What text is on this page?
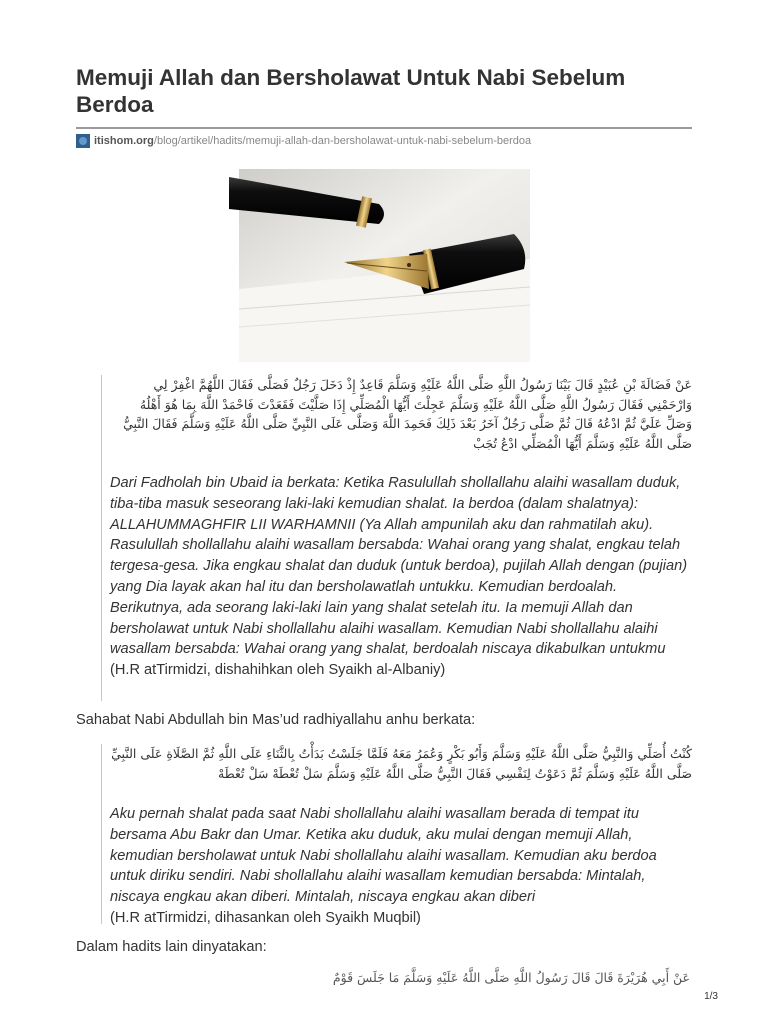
Memuji Allah dan Bersholawat Untuk Nabi Sebelum Berdoa
itishom.org /blog/artikel/hadits/memuji-allah-dan-bersholawat-untuk-nabi-sebelum-berdoa

عَنْ فَضَالَةَ بْنِ عُبَيْدٍ قَالَ بَيْنَا رَسُولُ اللَّهِ صَلَّى اللَّهُ عَلَيْهِ وَسَلَّمَ قَاعِدٌ إِذْ دَخَلَ رَجُلٌ فَصَلَّى فَقَالَ اللَّهُمَّ اغْفِرْ لِي وَارْحَمْنِي فَقَالَ رَسُولُ اللَّهِ صَلَّى اللَّهُ عَلَيْهِ وَسَلَّمَ عَجِلْتَ أَيُّهَا الْمُصَلِّي إِذَا صَلَّيْتَ فَقَعَدْتَ فَاحْمَدْ اللَّهَ بِمَا هُوَ أَهْلُهُ وَصَلِّ عَلَيَّ ثُمَّ ادْعُهُ قَالَ ثُمَّ صَلَّى رَجُلٌ آخَرُ بَعْدَ ذَلِكَ فَحَمِدَ اللَّهَ وَصَلَّى عَلَى النَّبِيِّ صَلَّى اللَّهُ عَلَيْهِ وَسَلَّمَ فَقَالَ النَّبِيُّ صَلَّى اللَّهُ عَلَيْهِ وَسَلَّمَ أَيُّهَا الْمُصَلِّي ادْعُ تُجَبْ

Dari Fadholah bin Ubaid ia berkata: Ketika Rasulullah shollallahu alaihi wasallam duduk, tiba-tiba masuk seseorang laki-laki kemudian shalat. Ia berdoa (dalam shalatnya): ALLAHUMMAGHFIR LII WARHAMNII (Ya Allah ampunilah aku dan rahmatilah aku). Rasulullah shollallahu alaihi wasallam bersabda: Wahai orang yang shalat, engkau telah tergesa-gesa. Jika engkau shalat dan duduk (untuk berdoa), pujilah Allah dengan (pujian) yang Dia layak akan hal itu dan bersholawatlah untukku. Kemudian berdoalah. Berikutnya, ada seorang laki-laki lain yang shalat setelah itu. Ia memuji Allah dan bersholawat untuk Nabi shollallahu alaihi wasallam. Kemudian Nabi shollallahu alaihi wasallam bersabda: Wahai orang yang shalat, berdoalah niscaya dikabulkan untukmu
(H.R atTirmidzi, dishahihkan oleh Syaikh al-Albaniy)

Sahabat Nabi Abdullah bin Mas’ud radhiyallahu anhu berkata:

كُنْتُ أُصَلِّي وَالنَّبِيُّ صَلَّى اللَّهُ عَلَيْهِ وَسَلَّمَ وَأَبُو بَكْرٍ وَعُمَرُ مَعَهُ فَلَمَّا جَلَسْتُ بَدَأْتُ بِالثَّنَاءِ عَلَى اللَّهِ ثُمَّ الصَّلَاةِ عَلَى النَّبِيِّ صَلَّى اللَّهُ عَلَيْهِ وَسَلَّمَ ثُمَّ دَعَوْتُ لِنَفْسِي فَقَالَ النَّبِيُّ صَلَّى اللَّهُ عَلَيْهِ وَسَلَّمَ سَلْ تُعْطَهْ سَلْ تُعْطَهْ

Aku pernah shalat pada saat Nabi shollallahu alaihi wasallam berada di tempat itu bersama Abu Bakr dan Umar. Ketika aku duduk, aku mulai dengan memuji Allah, kemudian bersholawat untuk Nabi shollallahu alaihi wasallam. Kemudian aku berdoa untuk diriku sendiri. Nabi shollallahu alaihi wasallam kemudian bersabda: Mintalah, niscaya engkau akan diberi. Mintalah, niscaya engkau akan diberi
(H.R atTirmidzi, dihasankan oleh Syaikh Muqbil)

Dalam hadits lain dinyatakan:

عَنْ أَبِي هُرَيْرَةَ قَالَ قَالَ رَسُولُ اللَّهِ صَلَّى اللَّهُ عَلَيْهِ وَسَلَّمَ مَا جَلَسَ قَوْمٌ
1/3
